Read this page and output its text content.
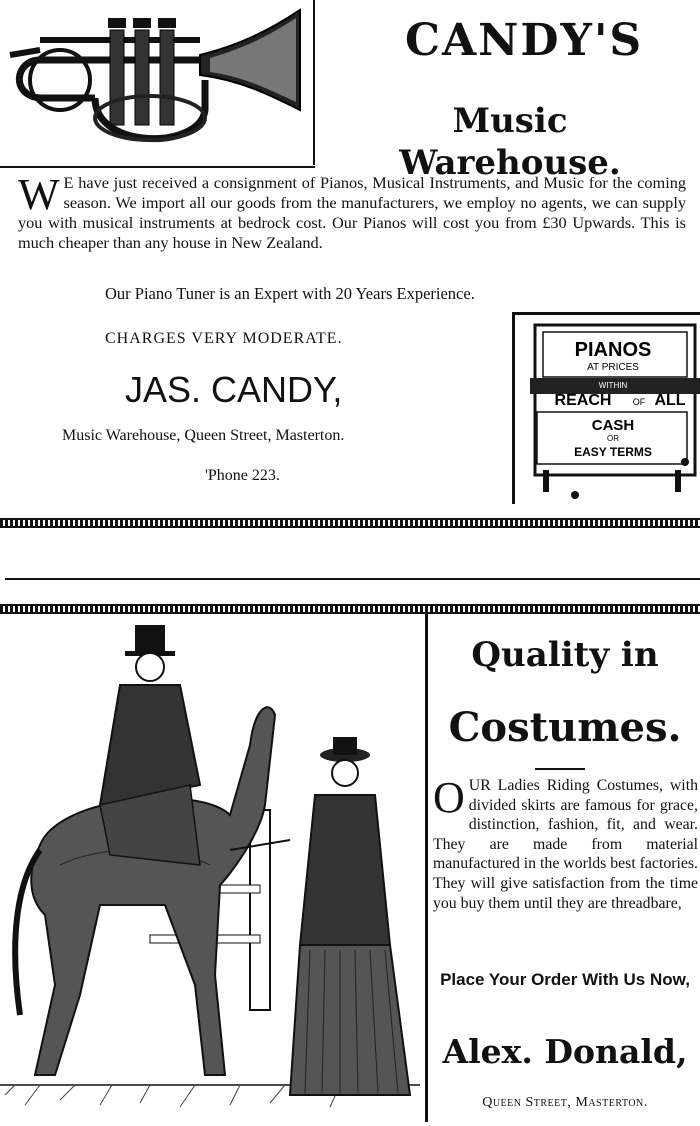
CANDY'S
Music Warehouse.
W E have just received a consignment of Pianos, Musical Instruments, and Music for the coming season. We import all our goods from the manufacturers, we employ no agents, we can supply you with musical instruments at bedrock cost. Our Pianos will cost you from £30 Upwards. This is much cheaper than any house in New Zealand.
Our Piano Tuner is an Expert with 20 Years Experience.
CHARGES VERY MODERATE.
JAS. CANDY,
Music Warehouse, Queen Street, Masterton.
'Phone 223.
PIANOS
AT PRICES
WITHIN
REACH OF ALL
CASH
OR
EASY TERMS
Quality in
Costumes.
OUR Ladies Riding Costumes, with divided skirts are famous for grace, distinction, fashion, fit, and wear. They are made from material manufactured in the worlds best factories. They will give satisfaction from the time you buy them until they are threadbare,
Place Your Order With Us Now,
Alex. Donald,
Queen Street, Masterton.
